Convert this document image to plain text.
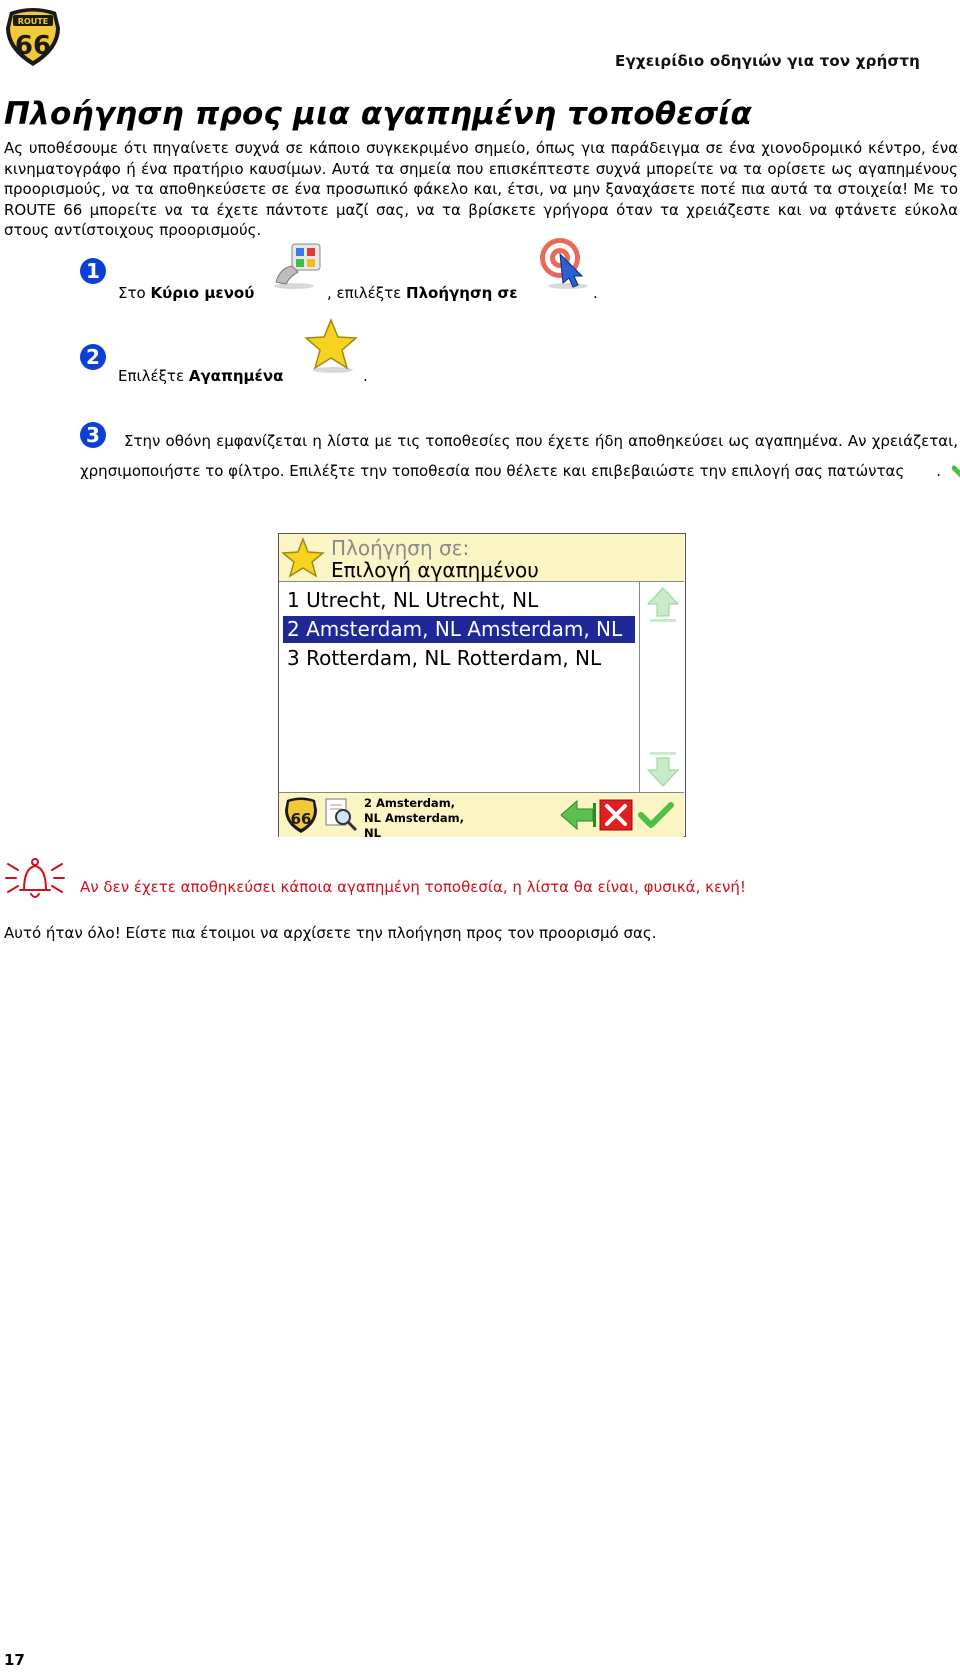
ROUTE
66	Εγχειρίδιο οδηγιών για τον χρήστη
Πλοήγηση προς μια αγαπημένη τοποθεσία
Ας υποθέσουμε ότι πηγαίνετε συχνά σε κάποιο συγκεκριμένο σημείο, όπως για παράδειγμα σε ένα χιονοδρομικό κέντρο, ένα κινηματογράφο ή ένα πρατήριο καυσίμων. Αυτά τα σημεία που επισκέπτεστε συχνά μπορείτε να τα ορίσετε ως αγαπημένους προορισμούς, να τα αποθηκεύσετε σε ένα προσωπικό φάκελο και, έτσι, να μην ξαναχάσετε ποτέ πια αυτά τα στοιχεία! Με το ROUTE 66 μπορείτε να τα έχετε πάντοτε μαζί σας, να τα βρίσκετε γρήγορα όταν τα χρειάζεστε και να φτάνετε εύκολα στους αντίστοιχους προορισμούς.
1
Στο Κύριο μενού	, επιλέξτε Πλοήγηση σε	.
2
Επιλέξτε Αγαπημένα	.
3	Στην οθόνη εμφανίζεται η λίστα με τις τοποθεσίες που έχετε ήδη αποθηκεύσει ως αγαπημένα. Αν χρειάζεται, χρησιμοποιήστε το φίλτρο. Επιλέξτε την τοποθεσία που θέλετε και επιβεβαιώστε την επιλογή σας πατώντας .
Πλοήγηση σε:
Επιλογή αγαπημένου
1 Utrecht, NL Utrecht, NL
2 Amsterdam, NL Amsterdam, NL
3 Rotterdam, NL Rotterdam, NL
66
2 Amsterdam, NL Amsterdam, NL
Αν δεν έχετε αποθηκεύσει κάποια αγαπημένη τοποθεσία, η λίστα θα είναι, φυσικά, κενή!
Αυτό ήταν όλο! Είστε πια έτοιμοι να αρχίσετε την πλοήγηση προς τον προορισμό σας.
17
